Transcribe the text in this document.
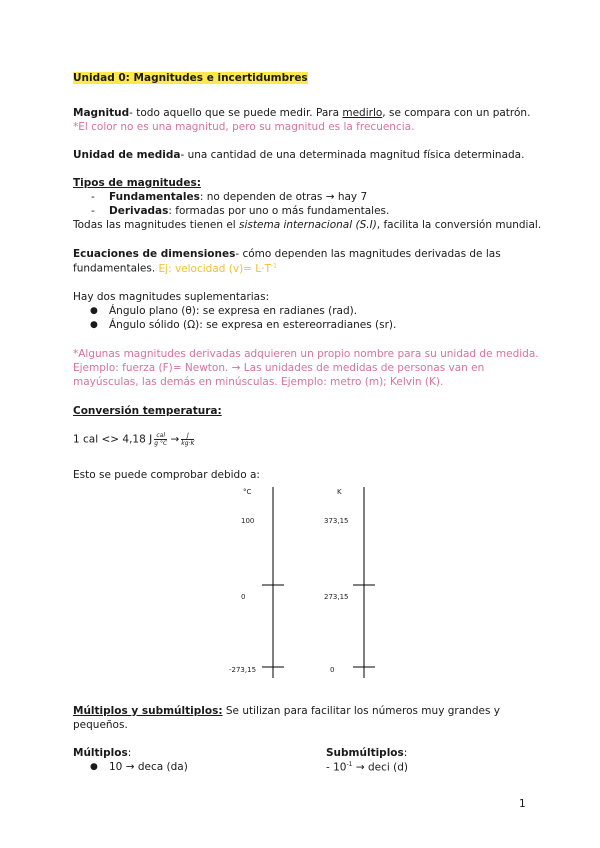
Unidad 0: Magnitudes e incertidumbres
Magnitud- todo aquello que se puede medir. Para medirlo, se compara con un patrón.
*El color no es una magnitud, pero su magnitud es la frecuencia.
Unidad de medida- una cantidad de una determinada magnitud física determinada.
Tipos de magnitudes:
- Fundamentales: no dependen de otras → hay 7
- Derivadas: formadas por uno o más fundamentales.
Todas las magnitudes tienen el sistema internacional (S.I), facilita la conversión mundial.
Ecuaciones de dimensiones- cómo dependen las magnitudes derivadas de las
fundamentales. Ej: velocidad $(v)= L\cdot T^{-1}$
Hay dos magnitudes suplementarias:
● Ángulo plano (θ): se expresa en radianes (rad).
● Ángulo sólido (Ω): se expresa en estereorradianes (sr).
*Algunas magnitudes derivadas adquieren un propio nombre para su unidad de medida.
Ejemplo: fuerza (F)= Newton. → Las unidades de medidas de personas van en
mayúsculas, las demás en minúsculas. Ejemplo: metro (m); Kelvin (K).
Conversión temperatura:
1 cal <> 4,18 J $\frac{\text{cal}}{g ^\circ C} \to \frac{J}{kg\cdot K}$
Esto se puede comprobar debido a:
°C
100
0
-273,15
K
373,15
273,15
0
Múltiplos y submúltiplos: Se utilizan para facilitar los números muy grandes y
pequeños.
Múltiplos:
● 10 → deca (da)
Submúltiplos:
- $10^{-1}$ → deci (d)
1
